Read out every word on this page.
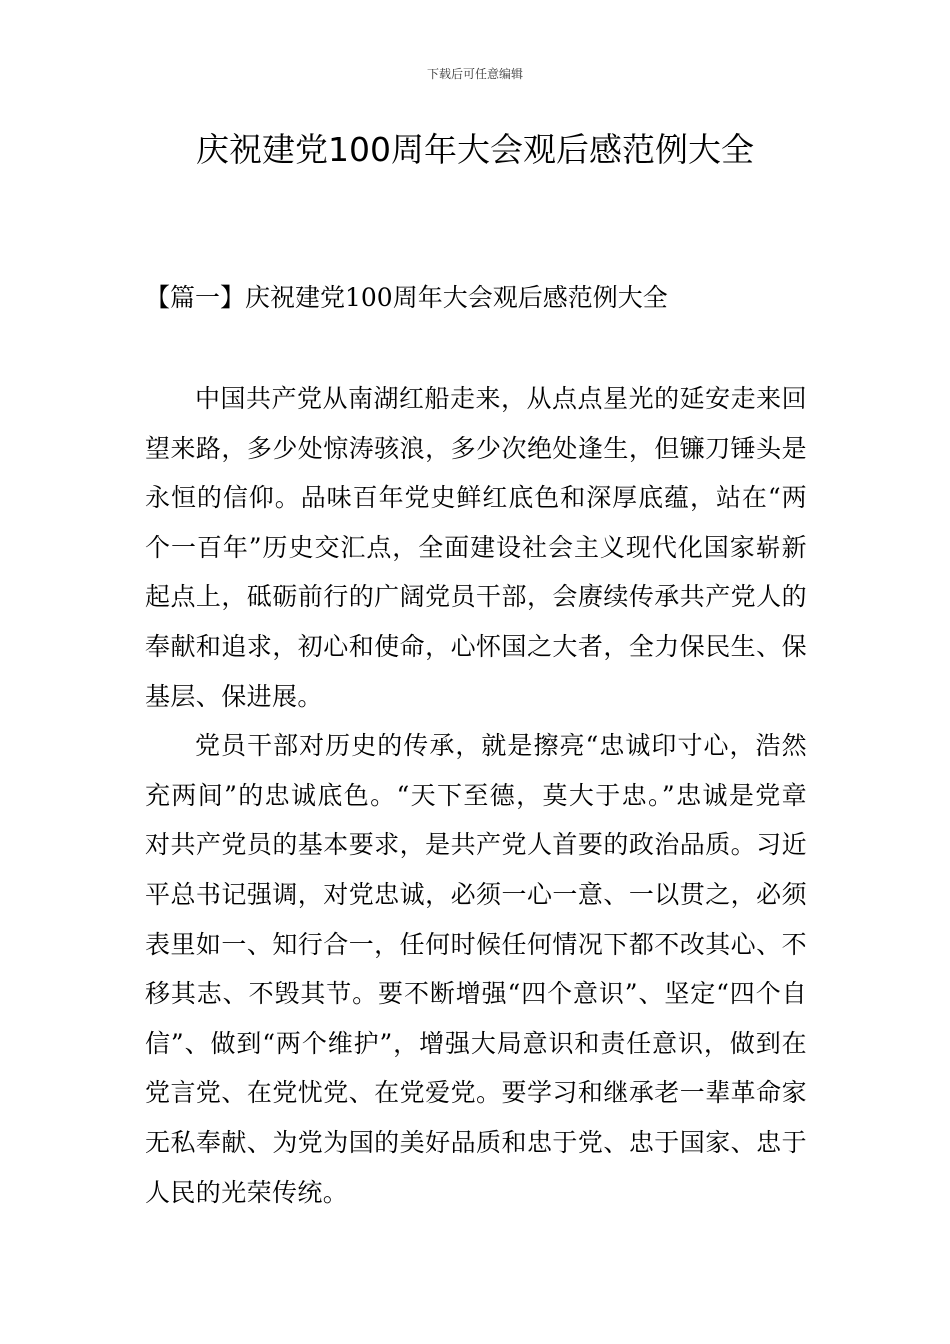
下载后可任意编辑
庆祝建党100周年大会观后感范例大全
【篇一】庆祝建党100周年大会观后感范例大全

中国共产党从南湖红船走来，从点点星光的延安走来回望来路，多少处惊涛骇浪，多少次绝处逢生，但镰刀锤头是永恒的信仰。品味百年党史鲜红底色和深厚底蕴，站在“两个一百年”历史交汇点，全面建设社会主义现代化国家崭新起点上，砥砺前行的广阔党员干部，会赓续传承共产党人的奉献和追求，初心和使命，心怀国之大者，全力保民生、保基层、保进展。

党员干部对历史的传承，就是擦亮“忠诚印寸心，浩然充两间”的忠诚底色。“天下至德，莫大于忠。”忠诚是党章对共产党员的基本要求，是共产党人首要的政治品质。习近平总书记强调，对党忠诚，必须一心一意、一以贯之，必须表里如一、知行合一，任何时候任何情况下都不改其心、不移其志、不毁其节。要不断增强“四个意识”、坚定“四个自信”、做到“两个维护”，增强大局意识和责任意识，做到在党言党、在党忧党、在党爱党。要学习和继承老一辈革命家无私奉献、为党为国的美好品质和忠于党、忠于国家、忠于人民的光荣传统。
